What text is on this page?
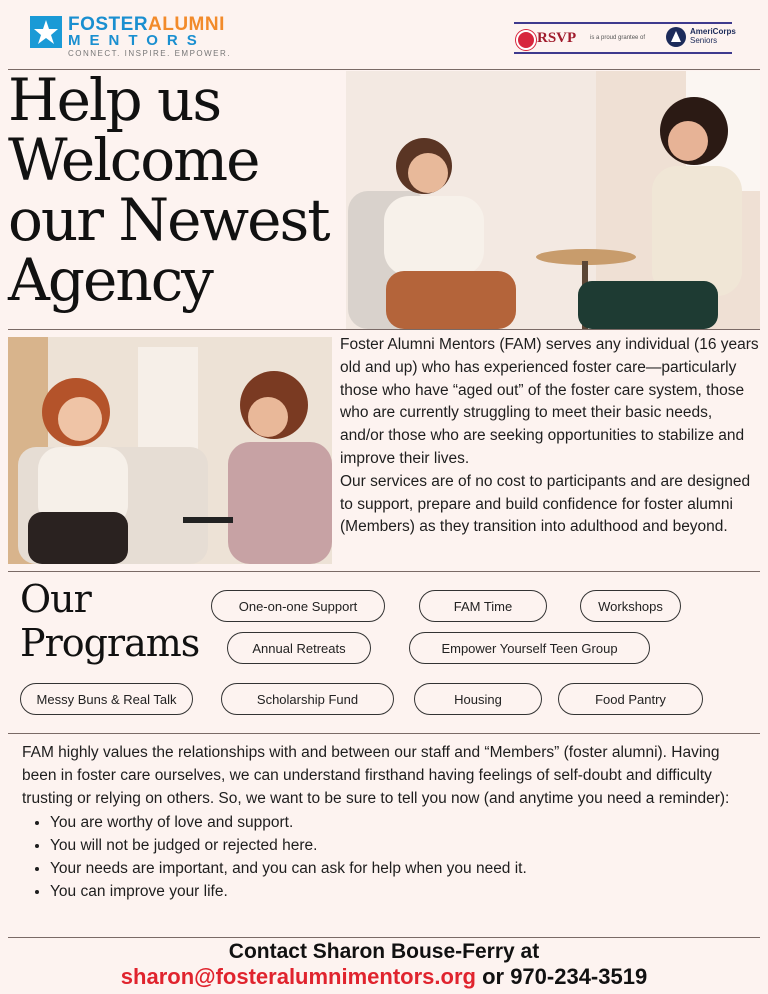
FOSTER ALUMNI
MENTORS
CONNECT. INSPIRE. EMPOWER.
RSVP is a proud grantee of
AmeriCorps
Seniors
Help us
Welcome
our Newest
Agency

Foster Alumni Mentors (FAM) serves any individual (16 years old and up) who has experienced foster care—particularly those who have “aged out” of the foster care system, those who are currently struggling to meet their basic needs, and/or those who are seeking opportunities to stabilize and improve their lives.

Our services are of no cost to participants and are designed to support, prepare and build confidence for foster alumni (Members) as they transition into adulthood and beyond.

Our
Programs
One-on-one Support	FAM Time	Workshops
Annual Retreats	Empower Yourself Teen Group
Messy Buns & Real Talk	Scholarship Fund	Housing	Food Pantry

FAM highly values the relationships with and between our staff and “Members” (foster alumni). Having been in foster care ourselves, we can understand firsthand having feelings of self-doubt and difficulty trusting or relying on others. So, we want to be sure to tell you now (and anytime you need a reminder):

• You are worthy of love and support.
• You will not be judged or rejected here.
• Your needs are important, and you can ask for help when you need it.
• You can improve your life.
Contact Sharon Bouse-Ferry at
sharon@fosteralumnimentors.org or 970-234-3519
